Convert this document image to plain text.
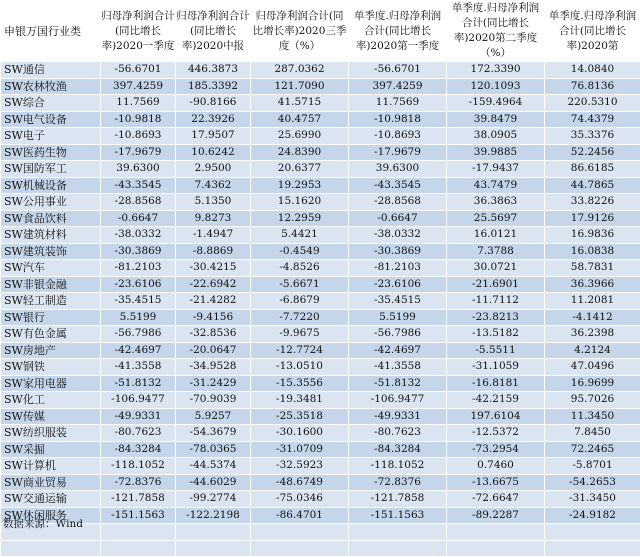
申银万国行业类	归母净利润合计(同比增长率)2020一季度	归母净利润合计(同比增长率)2020中报	归母净利润合计(同比增长率)2020三季度（%）	单季度.归母净利润合计(同比增长率)2020第一季度	单季度.归母净利润合计(同比增长率)2020第二季度（%）	单季度.归母净利润合计(同比增长率)2020第
SW通信	-56.6701	446.3873	287.0362	-56.6701	172.3390	14.0840
SW农林牧渔	397.4259	185.3392	121.7090	397.4259	120.1093	76.8136
SW综合	11.7569	-90.8166	41.5715	11.7569	-159.4964	220.5310
SW电气设备	-10.9818	22.3926	40.4757	-10.9818	39.8479	74.4379
SW电子	-10.8693	17.9507	25.6990	-10.8693	38.0905	35.3376
SW医药生物	-17.9679	10.6242	24.8390	-17.9679	39.9885	52.2456
SW国防军工	39.6300	2.9500	20.6377	39.6300	-17.9437	86.6185
SW机械设备	-43.3545	7.4362	19.2953	-43.3545	43.7479	44.7865
SW公用事业	-28.8568	5.1350	15.1620	-28.8568	36.3863	33.8226
SW食品饮料	-0.6647	9.8273	12.2959	-0.6647	25.5697	17.9126
SW建筑材料	-38.0332	-1.4947	5.4421	-38.0332	16.0121	16.9836
SW建筑装饰	-30.3869	-8.8869	-0.4549	-30.3869	7.3788	16.0838
SW汽车	-81.2103	-30.4215	-4.8526	-81.2103	30.0721	58.7831
SW非银金融	-23.6106	-22.6942	-5.6671	-23.6106	-21.6901	36.3966
SW轻工制造	-35.4515	-21.4282	-6.8679	-35.4515	-11.7112	11.2081
SW银行	5.5199	-9.4156	-7.7220	5.5199	-23.8213	-4.1412
SW有色金属	-56.7986	-32.8536	-9.9675	-56.7986	-13.5182	36.2398
SW房地产	-42.4697	-20.0647	-12.7724	-42.4697	-5.5511	4.2124
SW钢铁	-41.3558	-34.9528	-13.0510	-41.3558	-31.1059	47.0496
SW家用电器	-51.8132	-31.2429	-15.3556	-51.8132	-16.8181	16.9699
SW化工	-106.9477	-70.9039	-19.3481	-106.9477	-42.2159	95.7026
SW传媒	-49.9331	5.9257	-25.3518	-49.9331	197.6104	11.3450
SW纺织服装	-80.7623	-54.3679	-30.1600	-80.7623	-12.5372	7.8450
SW采掘	-84.3284	-78.0365	-31.0709	-84.3284	-73.2954	72.2465
SW计算机	-118.1052	-44.5374	-32.5923	-118.1052	0.7460	-5.8701
SW商业贸易	-72.8376	-44.6029	-48.6749	-72.8376	-13.6675	-54.2653
SW交通运输	-121.7858	-99.2774	-75.0346	-121.7858	-72.6647	-31.3450
SW休闲服务	-151.1563	-122.2198	-86.4701	-151.1563	-89.2287	-24.9182

数据来源：Wind
